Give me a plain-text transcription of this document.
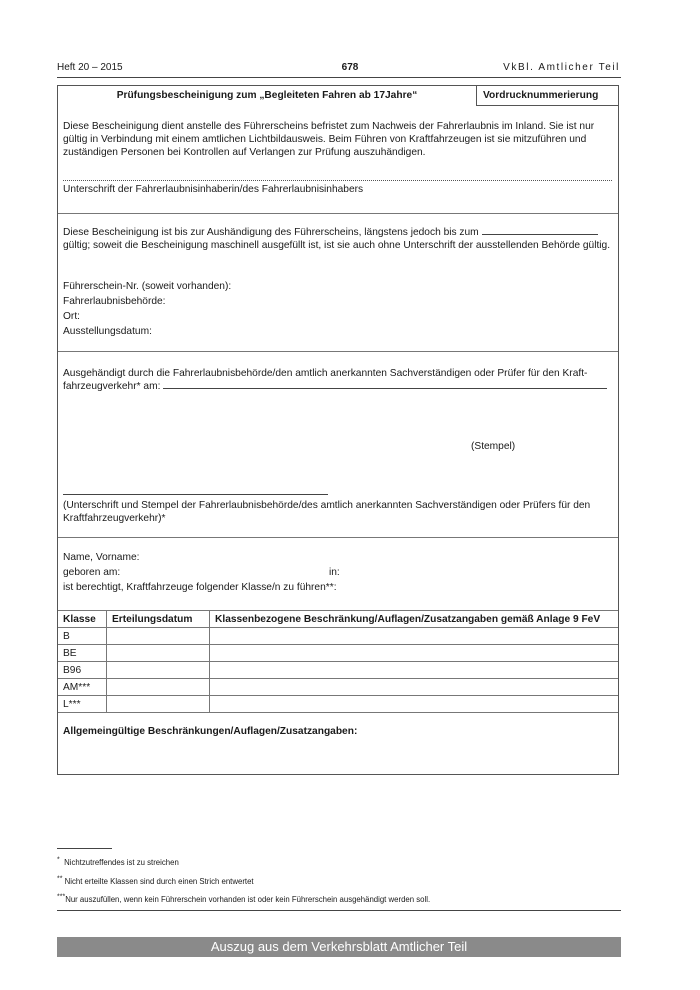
Heft 20 – 2015	678	VkBl. Amtlicher Teil
Prüfungsbescheinigung zum „Begleiteten Fahren ab 17Jahre“	Vordrucknummerierung
Diese Bescheinigung dient anstelle des Führerscheins befristet zum Nachweis der Fahrerlaubnis im Inland. Sie ist nur gültig in Verbindung mit einem amtlichen Lichtbildausweis. Beim Führen von Kraftfahrzeugen ist sie mitzuführen und zuständigen Personen bei Kontrollen auf Verlangen zur Prüfung auszuhändigen.
Unterschrift der Fahrerlaubnisinhaberin/des Fahrerlaubnisinhabers
Diese Bescheinigung ist bis zur Aushändigung des Führerscheins, längstens jedoch bis zum  gültig; soweit die Bescheinigung maschinell ausgefüllt ist, ist sie auch ohne Unterschrift der ausstellenden Behörde gültig.
Führerschein-Nr. (soweit vorhanden):
Fahrerlaubnisbehörde:
Ort:
Ausstellungsdatum:
Ausgehändigt durch die Fahrerlaubnisbehörde/den amtlich anerkannten Sachverständigen oder Prüfer für den Kraft-
fahrzeugverkehr* am:
(Stempel)
(Unterschrift und Stempel der Fahrerlaubnisbehörde/des amtlich anerkannten Sachverständigen oder Prüfers für den Kraftfahrzeugverkehr)*
Name, Vorname:
geboren am:	in:
ist berechtigt, Kraftfahrzeuge folgender Klasse/n zu führen**:
Klasse	Erteilungsdatum	Klassenbezogene Beschränkung/Auflagen/Zusatzangaben gemäß Anlage 9 FeV
B		
BE		
B96		
AM***		
L***		
Allgemeingültige Beschränkungen/Auflagen/Zusatzangaben:
* Nichtzutreffendes ist zu streichen
** Nicht erteilte Klassen sind durch einen Strich entwertet
***Nur auszufüllen, wenn kein Führerschein vorhanden ist oder kein Führerschein ausgehändigt werden soll.
Auszug aus dem Verkehrsblatt Amtlicher Teil
